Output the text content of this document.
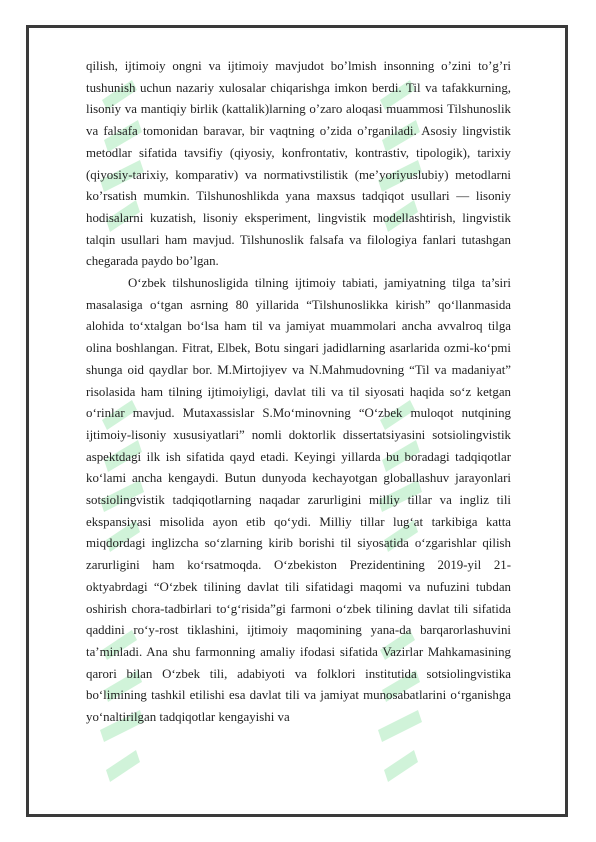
qilish, ijtimoiy ongni va ijtimoiy mavjudot bo’lmish insonning o’zini to’g’ri tushunish uchun nazariy xulosalar chiqarishga imkon berdi. Til va tafakkurning, lisoniy va mantiqiy birlik (kattalik)larning o’zaro aloqasi muammosi Tilshunoslik va falsafa tomonidan baravar, bir vaqtning o’zida o’rganiladi. Asosiy lingvistik metodlar sifatida tavsifiy (qiyosiy, konfrontativ, kontrastiv, tipologik), tarixiy (qiyosiy-tarixiy, komparativ) va normativstilistik (me’yoriyuslubiy) metodlarni ko’rsatish mumkin. Tilshunoshlikda yana maxsus tadqiqot usullari — lisoniy hodisalarni kuzatish, lisoniy eksperiment, lingvistik modellashtirish, lingvistik talqin usullari ham mavjud. Tilshunoslik falsafa va filologiya fanlari tutashgan chegarada paydo bo’lgan.

O‘zbek tilshunosligida tilning ijtimoiy tabiati, jamiyatning tilga ta’siri masalasiga o‘tgan asrning 80 yillarida “Tilshunoslikka kirish” qo‘llanmasida alohida to‘xtalgan bo‘lsa ham til va jamiyat muammolari ancha avvalroq tilga olina boshlangan. Fitrat, Elbek, Botu singari jadidlarning asarlarida ozmi-ko‘pmi shunga oid qaydlar bor. M.Mirtojiyev va N.Mahmudovning “Til va madaniyat” risolasida ham tilning ijtimoiyligi, davlat tili va til siyosati haqida so‘z ketgan o‘rinlar mavjud. Mutaxassislar S.Mo‘minovning “O‘zbek muloqot nutqining ijtimoiy-lisoniy xususiyatlari” nomli doktorlik dissertatsiyasini sotsiolingvistik aspektdagi ilk ish sifatida qayd etadi. Keyingi yillarda bu boradagi tadqiqotlar ko‘lami ancha kengaydi. Butun dunyoda kechayotgan globallashuv jarayonlari sotsiolingvistik tadqiqotlarning naqadar zarurligini milliy tillar va ingliz tili ekspansiyasi misolida ayon etib qo‘ydi. Milliy tillar lug‘at tarkibiga katta miqdordagi inglizcha so‘zlarning kirib borishi til siyosatida o‘zgarishlar qilish zarurligini ham ko‘rsatmoqda. O‘zbekiston Prezidentining 2019-yil 21-oktyabrdagi “O‘zbek tilining davlat tili sifatidagi maqomi va nufuzini tubdan oshirish chora-tadbirlari to‘g‘risida”gi farmoni o‘zbek tilining davlat tili sifatida qaddini ro‘y-rost tiklashini, ijtimoiy maqomining yana-da barqarorlashuvini ta’minladi. Ana shu farmonning amaliy ifodasi sifatida Vazirlar Mahkamasining qarori bilan O‘zbek tili, adabiyoti va folklori institutida sotsiolingvistika bo‘limining tashkil etilishi esa davlat tili va jamiyat munosabatlarini o‘rganishga yo‘naltirilgan tadqiqotlar kengayishi va
